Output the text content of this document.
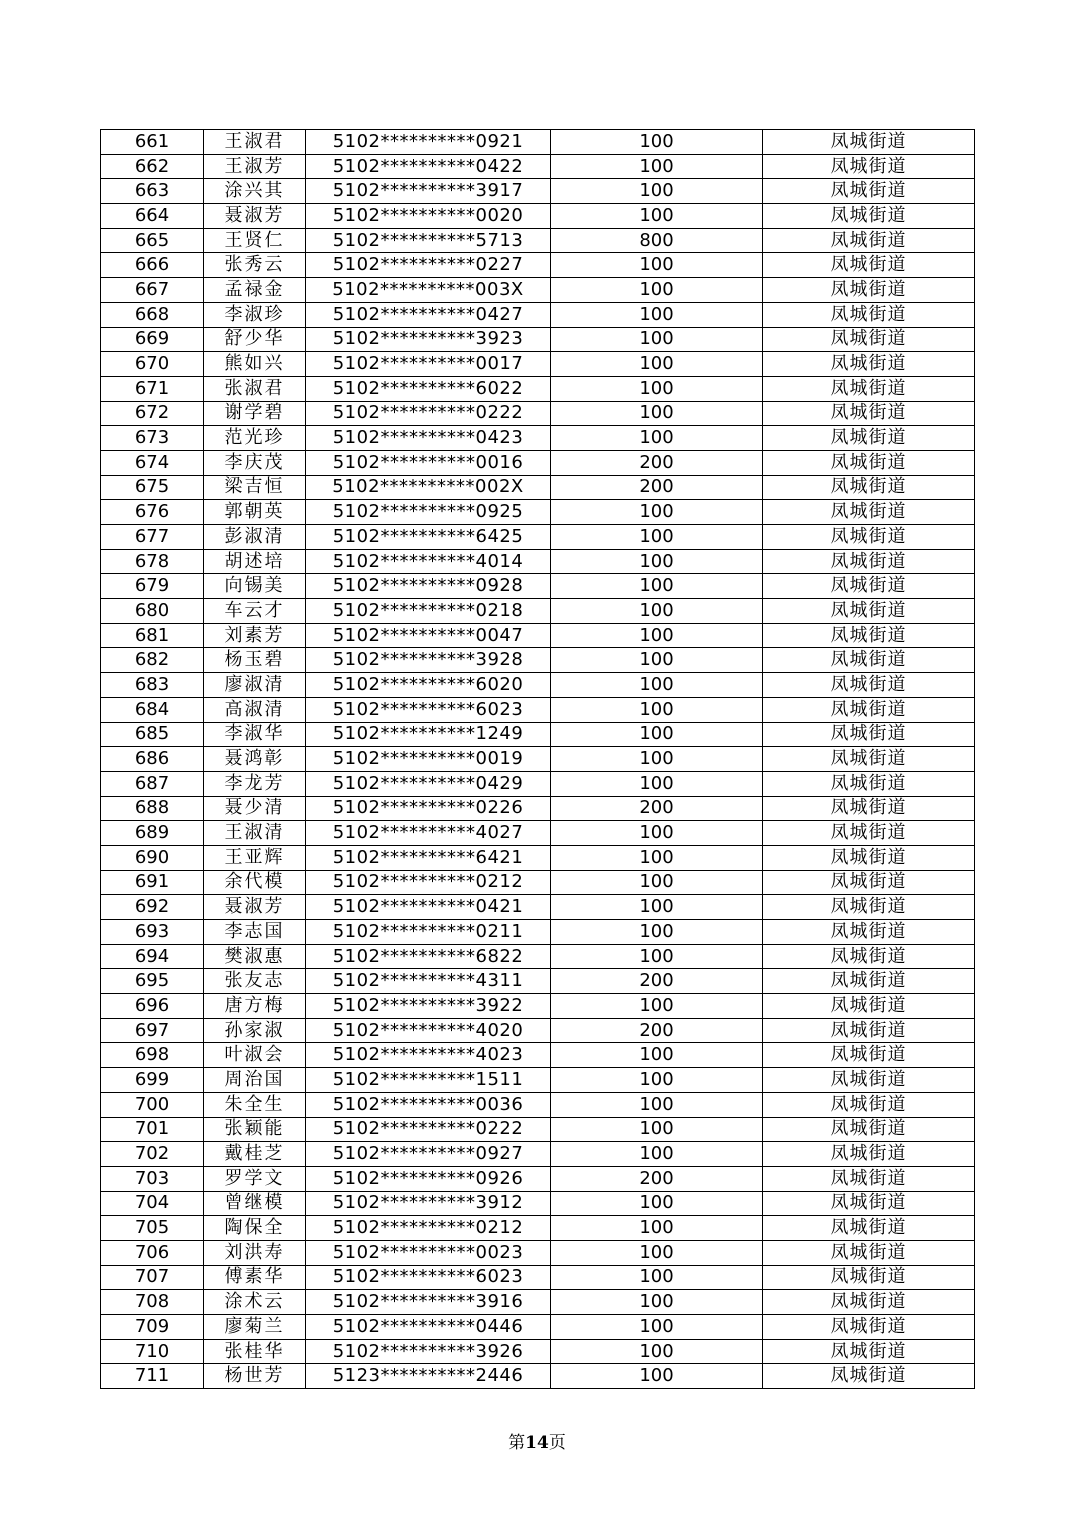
661	王淑君	5102**********0921	100	凤城街道
662	王淑芳	5102**********0422	100	凤城街道
663	涂兴其	5102**********3917	100	凤城街道
664	聂淑芳	5102**********0020	100	凤城街道
665	王贤仁	5102**********5713	800	凤城街道
666	张秀云	5102**********0227	100	凤城街道
667	孟禄金	5102**********003X	100	凤城街道
668	李淑珍	5102**********0427	100	凤城街道
669	舒少华	5102**********3923	100	凤城街道
670	熊如兴	5102**********0017	100	凤城街道
671	张淑君	5102**********6022	100	凤城街道
672	谢学碧	5102**********0222	100	凤城街道
673	范光珍	5102**********0423	100	凤城街道
674	李庆茂	5102**********0016	200	凤城街道
675	梁吉恒	5102**********002X	200	凤城街道
676	郭朝英	5102**********0925	100	凤城街道
677	彭淑清	5102**********6425	100	凤城街道
678	胡述培	5102**********4014	100	凤城街道
679	向锡美	5102**********0928	100	凤城街道
680	车云才	5102**********0218	100	凤城街道
681	刘素芳	5102**********0047	100	凤城街道
682	杨玉碧	5102**********3928	100	凤城街道
683	廖淑清	5102**********6020	100	凤城街道
684	高淑清	5102**********6023	100	凤城街道
685	李淑华	5102**********1249	100	凤城街道
686	聂鸿彰	5102**********0019	100	凤城街道
687	李龙芳	5102**********0429	100	凤城街道
688	聂少清	5102**********0226	200	凤城街道
689	王淑清	5102**********4027	100	凤城街道
690	王亚辉	5102**********6421	100	凤城街道
691	余代模	5102**********0212	100	凤城街道
692	聂淑芳	5102**********0421	100	凤城街道
693	李志国	5102**********0211	100	凤城街道
694	樊淑惠	5102**********6822	100	凤城街道
695	张友志	5102**********4311	200	凤城街道
696	唐方梅	5102**********3922	100	凤城街道
697	孙家淑	5102**********4020	200	凤城街道
698	叶淑会	5102**********4023	100	凤城街道
699	周治国	5102**********1511	100	凤城街道
700	朱全生	5102**********0036	100	凤城街道
701	张颖能	5102**********0222	100	凤城街道
702	戴桂芝	5102**********0927	100	凤城街道
703	罗学文	5102**********0926	200	凤城街道
704	曾继模	5102**********3912	100	凤城街道
705	陶保全	5102**********0212	100	凤城街道
706	刘洪寿	5102**********0023	100	凤城街道
707	傅素华	5102**********6023	100	凤城街道
708	涂术云	5102**********3916	100	凤城街道
709	廖菊兰	5102**********0446	100	凤城街道
710	张桂华	5102**********3926	100	凤城街道
711	杨世芳	5123**********2446	100	凤城街道
第14页
